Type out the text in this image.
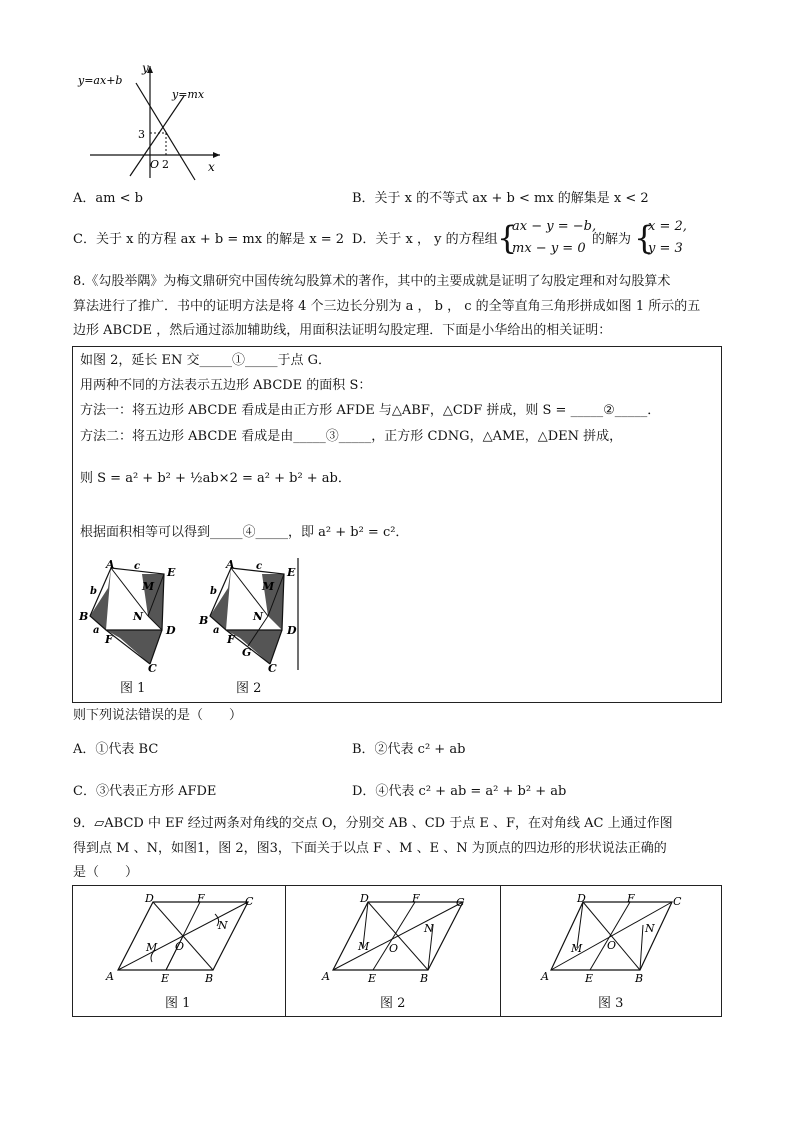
y=ax+b
y=mx
y
x
O
3
2
A．am < b	B．关于 x 的不等式 ax + b < mx 的解集是 x < 2
C．关于 x 的方程 ax + b = mx 的解是 x = 2 D．关于 x ， y 的方程组 {
ax − y = −b,
mx − y = 0
的解为 {
x = 2,
y = 3
8.《勾股举隅》为梅文鼎研究中国传统勾股算术的著作，其中的主要成就是证明了勾股定理和对勾股算术
算法进行了推广．书中的证明方法是将 4 个三边长分别为 a ， b ， c 的全等直角三角形拼成如图 1 所示的五
边形 ABCDE ，然后通过添加辅助线，用面积法证明勾股定理．下面是小华给出的相关证明：
如图 2，延长 EN 交_____①_____于点 G．
用两种不同的方法表示五边形 ABCDE 的面积 S：
方法一：将五边形 ABCDE 看成是由正方形 AFDE 与△ABF，△CDF 拼成，则 S = _____②_____．
方法二：将五边形 ABCDE 看成是由_____③_____，正方形 CDNG，△AME，△DEN 拼成，
则 S = a² + b² + ½ab×2 = a² + b² + ab．
根据面积相等可以得到_____④_____，即 a² + b² = c²．
A
E
M
N
B
F
D
C
a
b
c	A
E
M
N
B
F
G
D
C
a
b
c
图 1	图 2
则下列说法错误的是（　　）
A．①代表 BC	B．②代表 c² + ab
C．③代表正方形 AFDE	D．④代表 c² + ab = a² + b² + ab
9．▱ABCD 中 EF 经过两条对角线的交点 O，分别交 AB 、CD 于点 E 、F，在对角线 AC 上通过作图
得到点 M 、N，如图1，图 2，图3，下面关于以点 F 、M 、E 、N 为顶点的四边形的形状说法正确的
是（　　）
D	F	C
N
M O
A	E	B
D	F	C
N
M O
A	E	B
D	F	C
N
M O
A	E	B
图 1	图 2	图 3
